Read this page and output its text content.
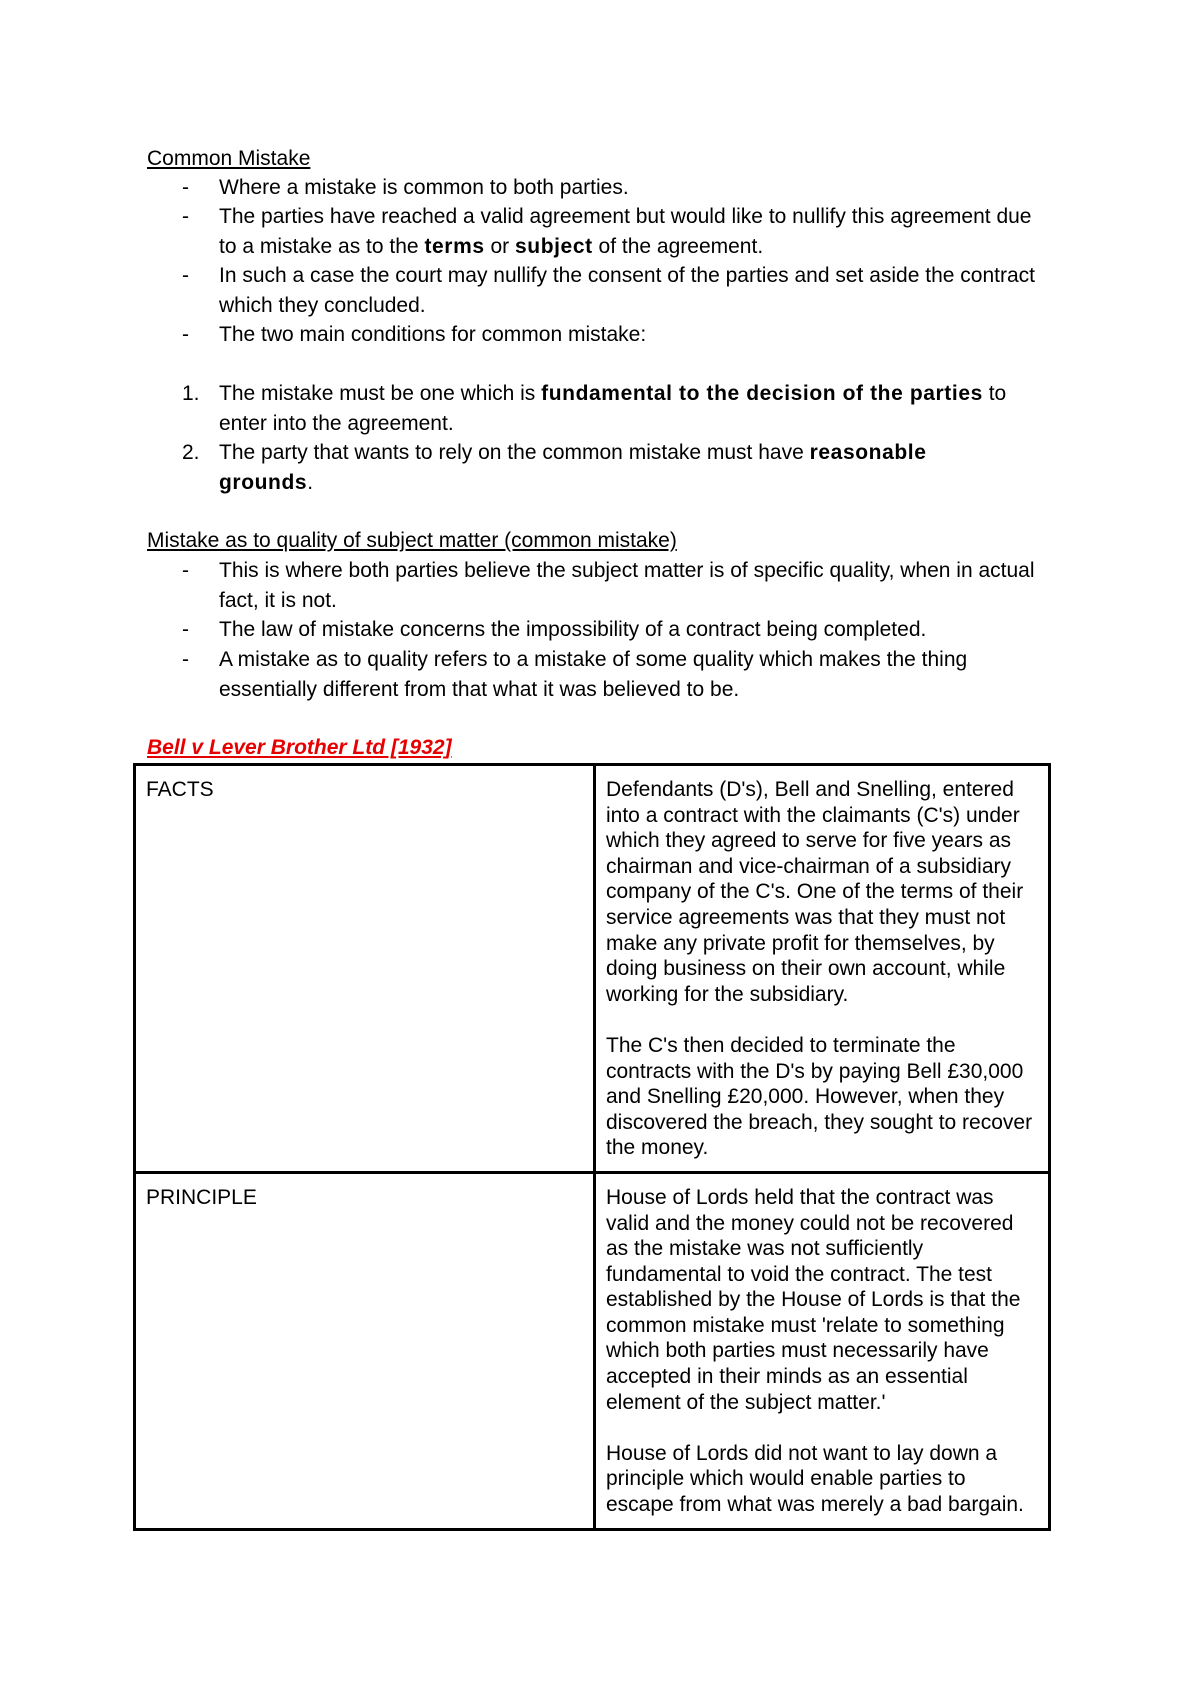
Common Mistake
- Where a mistake is common to both parties.
- The parties have reached a valid agreement but would like to nullify this agreement due to a mistake as to the terms or subject of the agreement.
- In such a case the court may nullify the consent of the parties and set aside the contract which they concluded.
- The two main conditions for common mistake:
1. The mistake must be one which is fundamental to the decision of the parties to enter into the agreement.
2. The party that wants to rely on the common mistake must have reasonable grounds.
Mistake as to quality of subject matter (common mistake)
- This is where both parties believe the subject matter is of specific quality, when in actual fact, it is not.
- The law of mistake concerns the impossibility of a contract being completed.
- A mistake as to quality refers to a mistake of some quality which makes the thing essentially different from that what it was believed to be.
Bell v Lever Brother Ltd [1932]
FACTS	Defendants (D's), Bell and Snelling, entered into a contract with the claimants (C's) under which they agreed to serve for five years as chairman and vice-chairman of a subsidiary company of the C's. One of the terms of their service agreements was that they must not make any private profit for themselves, by doing business on their own account, while working for the subsidiary.

The C's then decided to terminate the contracts with the D's by paying Bell £30,000 and Snelling £20,000. However, when they discovered the breach, they sought to recover the money.

PRINCIPLE	House of Lords held that the contract was valid and the money could not be recovered as the mistake was not sufficiently fundamental to void the contract. The test established by the House of Lords is that the common mistake must 'relate to something which both parties must necessarily have accepted in their minds as an essential element of the subject matter.'

House of Lords did not want to lay down a principle which would enable parties to escape from what was merely a bad bargain.
